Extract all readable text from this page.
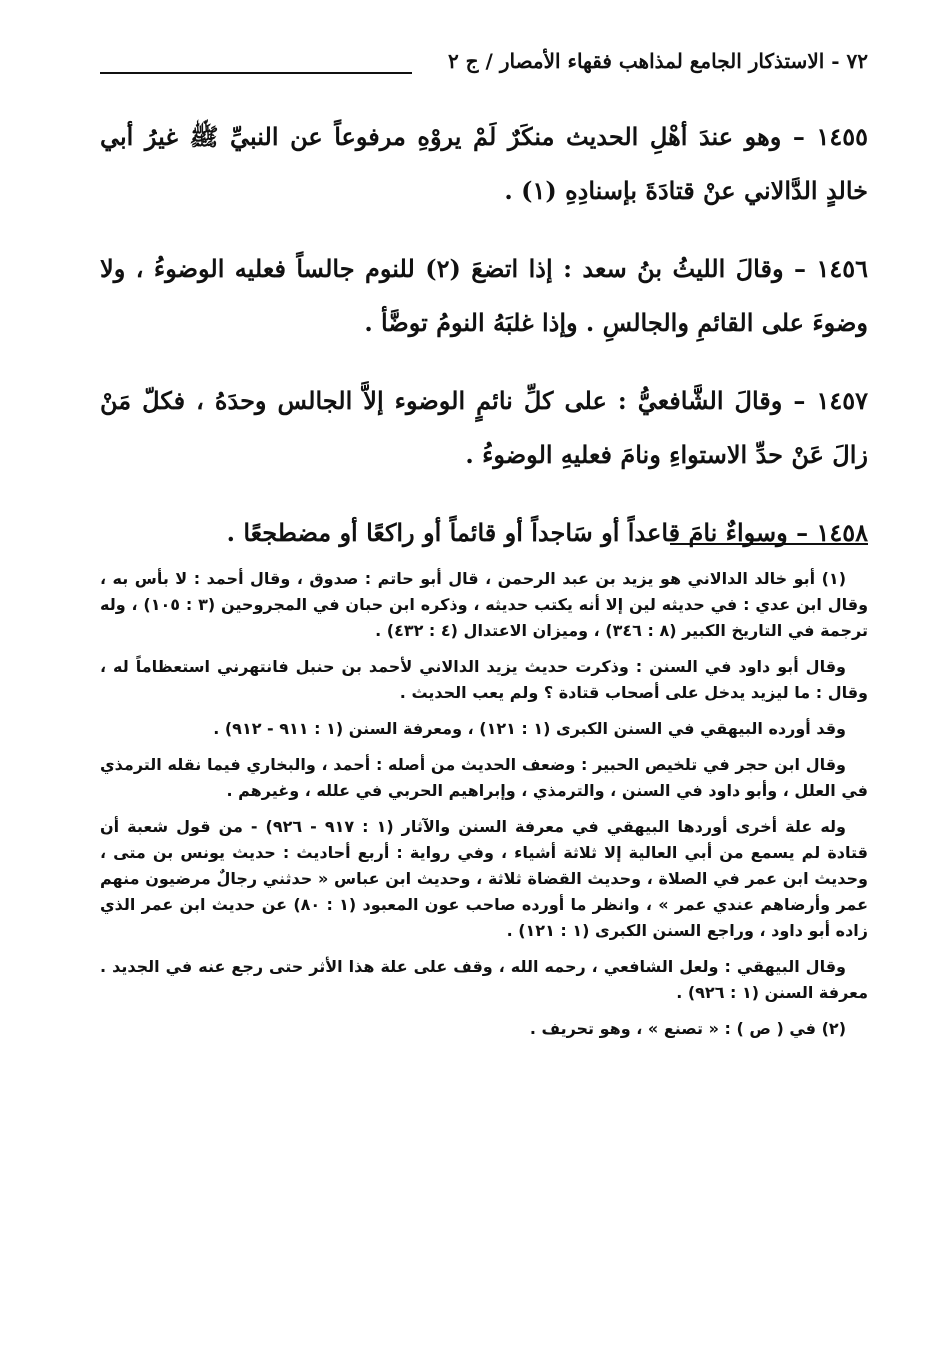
٧٢ - الاستذكار الجامع لمذاهب فقهاء الأمصار / ج ٢

١٤٥٥ – وهو عندَ أهْلِ الحديث منكَرٌ لَمْ يروْهِ مرفوعاً عن النبيِّ ﷺ غيرُ أبي خالدٍ الدَّالاني عنْ قتادَةَ بإسنادِهِ (١) .

١٤٥٦ – وقالَ الليثُ بنُ سعد : إذا اتضعَ (٢) للنوم جالساً فعليه الوضوءُ ، ولا وضوءَ على القائمِ والجالسِ . وإذا غلبَهُ النومُ توضَّأ .

١٤٥٧ – وقالَ الشَّافعيُّ : على كلِّ نائمٍ الوضوء إلاَّ الجالس وحدَهُ ، فكلّ مَنْ زالَ عَنْ حدِّ الاستواءِ ونامَ فعليهِ الوضوءُ .

١٤٥٨ – وسواءٌ نامَ قاعداً أو سَاجداً أو قائماً أو راكعًا أو مضطجعًا .

(١) أبو خالد الدالاني هو يزيد بن عبد الرحمن ، قال أبو حاتم : صدوق ، وقال أحمد : لا بأس به ، وقال ابن عدي : في حديثه لين إلا أنه يكتب حديثه ، وذكره ابن حبان في المجروحين (٣ : ١٠٥) ، وله ترجمة في التاريخ الكبير (٨ : ٣٤٦) ، وميزان الاعتدال (٤ : ٤٣٢) .

وقال أبو داود في السنن : وذكرت حديث يزيد الدالاني لأحمد بن حنبل فانتهرني استعظاماً له ، وقال : ما ليزيد يدخل على أصحاب قتادة ؟ ولم يعب الحديث .

وقد أورده البيهقي في السنن الكبرى (١ : ١٢١) ، ومعرفة السنن (١ : ٩١١ - ٩١٢) .

وقال ابن حجر في تلخيص الحبير : وضعف الحديث من أصله : أحمد ، والبخاري فيما نقله الترمذي في العلل ، وأبو داود في السنن ، والترمذي ، وإبراهيم الحربي في علله ، وغيرهم .

وله علة أخرى أوردها البيهقي في معرفة السنن والآثار (١ : ٩١٧ - ٩٢٦) - من قول شعبة أن قتادة لم يسمع من أبي العالية إلا ثلاثة أشياء ، وفي رواية : أربع أحاديث : حديث يونس بن متى ، وحديث ابن عمر في الصلاة ، وحديث القضاة ثلاثة ، وحديث ابن عباس « حدثني رجالٌ مرضيون منهم عمر وأرضاهم عندي عمر » ، وانظر ما أورده صاحب عون المعبود (١ : ٨٠) عن حديث ابن عمر الذي زاده أبو داود ، وراجع السنن الكبرى (١ : ١٢١) .

وقال البيهقي : ولعل الشافعي ، رحمه الله ، وقف على علة هذا الأثر حتى رجع عنه في الجديد . معرفة السنن (١ : ٩٢٦) .

(٢) في ( ص ) : « تصنع » ، وهو تحريف .
